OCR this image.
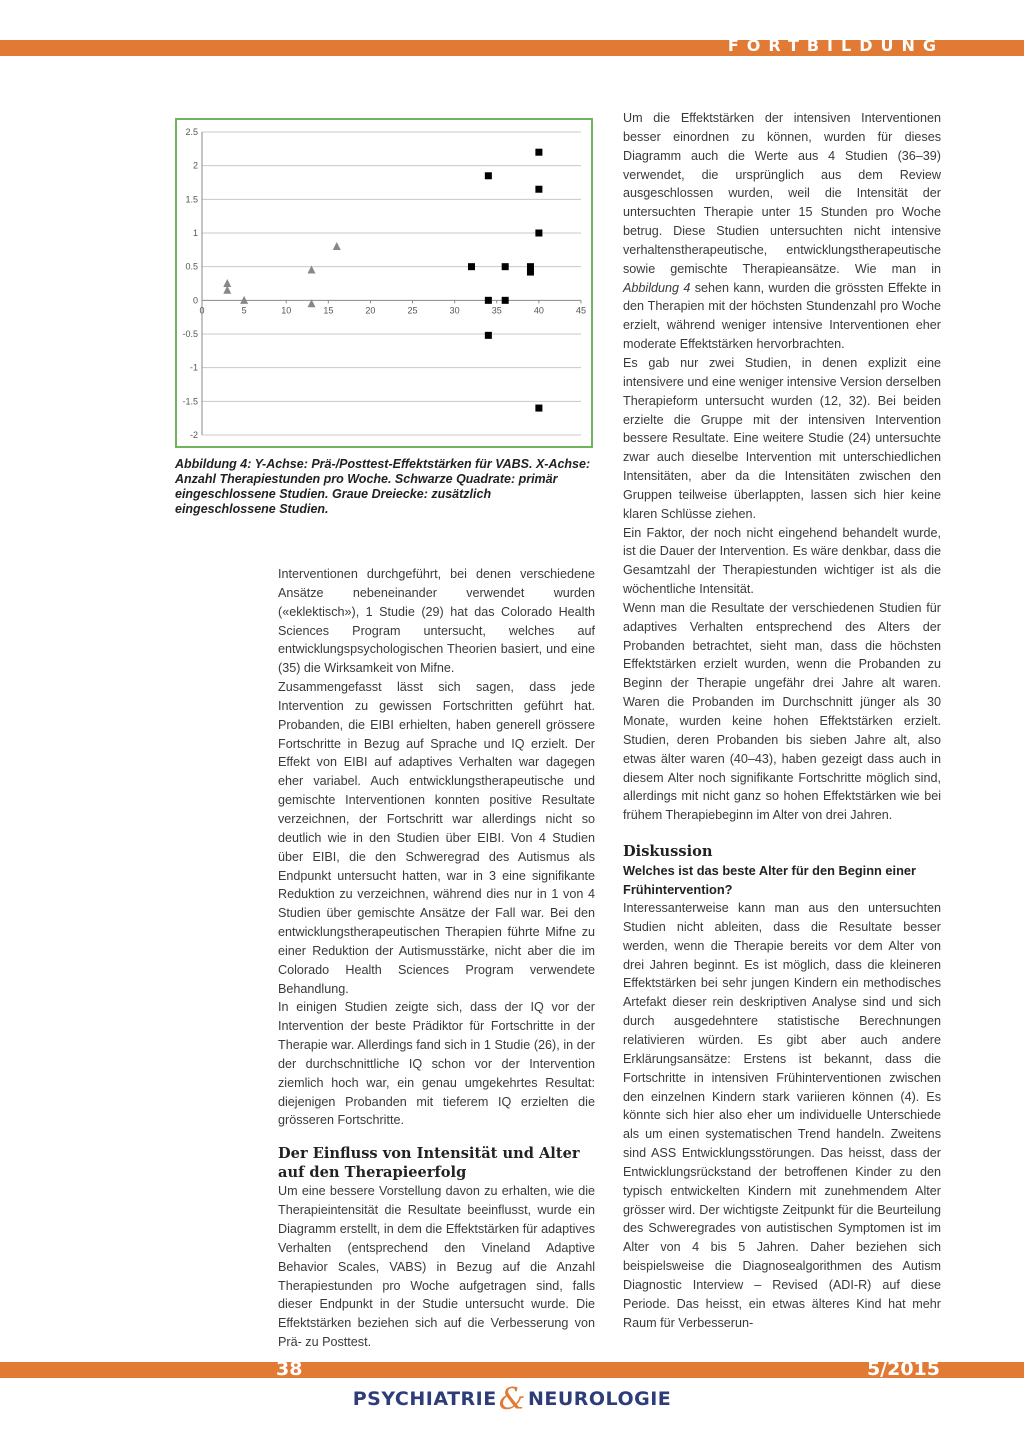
FORTBILDUNG
2.5
2
1.5
1
0.5
0
-0.5
-1
-1.5
-2
0	5	10	15	20	25	30	35	40	45
Abbildung 4: Y-Achse: Prä-/Posttest-Effektstärken für VABS. X-Achse: Anzahl Therapiestunden pro Woche. Schwarze Quadrate: primär eingeschlossene Studien. Graue Dreiecke: zusätzlich eingeschlossene Studien.

Interventionen durchgeführt, bei denen verschiedene Ansätze nebeneinander verwendet wurden («eklektisch»), 1 Studie (29) hat das Colorado Health Sciences Program untersucht, welches auf entwicklungspsychologischen Theorien basiert, und eine (35) die Wirksamkeit von Mifne.

Zusammengefasst lässt sich sagen, dass jede Intervention zu gewissen Fortschritten geführt hat. Probanden, die EIBI erhielten, haben generell grössere Fortschritte in Bezug auf Sprache und IQ erzielt. Der Effekt von EIBI auf adaptives Verhalten war dagegen eher variabel. Auch entwicklungstherapeutische und gemischte Interventionen konnten positive Resultate verzeichnen, der Fortschritt war allerdings nicht so deutlich wie in den Studien über EIBI. Von 4 Studien über EIBI, die den Schweregrad des Autismus als Endpunkt untersucht hatten, war in 3 eine signifikante Reduktion zu verzeichnen, während dies nur in 1 von 4 Studien über gemischte Ansätze der Fall war. Bei den entwicklungstherapeutischen Therapien führte Mifne zu einer Reduktion der Autismusstärke, nicht aber die im Colorado Health Sciences Program verwendete Behandlung.

In einigen Studien zeigte sich, dass der IQ vor der Intervention der beste Prädiktor für Fortschritte in der Therapie war. Allerdings fand sich in 1 Studie (26), in der der durchschnittliche IQ schon vor der Intervention ziemlich hoch war, ein genau umgekehrtes Resultat: diejenigen Probanden mit tieferem IQ erzielten die grösseren Fortschritte.

Der Einfluss von Intensität und Alter auf den Therapieerfolg

Um eine bessere Vorstellung davon zu erhalten, wie die Therapieintensität die Resultate beeinflusst, wurde ein Diagramm erstellt, in dem die Effektstärken für adaptives Verhalten (entsprechend den Vineland Adaptive Behavior Scales, VABS) in Bezug auf die Anzahl Therapiestunden pro Woche aufgetragen sind, falls dieser Endpunkt in der Studie untersucht wurde. Die Effektstärken beziehen sich auf die Verbesserung von Prä- zu Posttest.

Um die Effektstärken der intensiven Interventionen besser einordnen zu können, wurden für dieses Diagramm auch die Werte aus 4 Studien (36–39) verwendet, die ursprünglich aus dem Review ausgeschlossen wurden, weil die Intensität der untersuchten Therapie unter 15 Stunden pro Woche betrug. Diese Studien untersuchten nicht intensive verhaltenstherapeutische, entwicklungstherapeutische sowie gemischte Therapieansätze. Wie man in Abbildung 4 sehen kann, wurden die grössten Effekte in den Therapien mit der höchsten Stundenzahl pro Woche erzielt, während weniger intensive Interventionen eher moderate Effektstärken hervorbrachten.

Es gab nur zwei Studien, in denen explizit eine intensivere und eine weniger intensive Version derselben Therapieform untersucht wurden (12, 32). Bei beiden erzielte die Gruppe mit der intensiven Intervention bessere Resultate. Eine weitere Studie (24) untersuchte zwar auch dieselbe Intervention mit unterschiedlichen Intensitäten, aber da die Intensitäten zwischen den Gruppen teilweise überlappten, lassen sich hier keine klaren Schlüsse ziehen.

Ein Faktor, der noch nicht eingehend behandelt wurde, ist die Dauer der Intervention. Es wäre denkbar, dass die Gesamtzahl der Therapiestunden wichtiger ist als die wöchentliche Intensität.

Wenn man die Resultate der verschiedenen Studien für adaptives Verhalten entsprechend des Alters der Probanden betrachtet, sieht man, dass die höchsten Effektstärken erzielt wurden, wenn die Probanden zu Beginn der Therapie ungefähr drei Jahre alt waren. Waren die Probanden im Durchschnitt jünger als 30 Monate, wurden keine hohen Effektstärken erzielt. Studien, deren Probanden bis sieben Jahre alt, also etwas älter waren (40–43), haben gezeigt dass auch in diesem Alter noch signifikante Fortschritte möglich sind, allerdings mit nicht ganz so hohen Effektstärken wie bei frühem Therapiebeginn im Alter von drei Jahren.

Diskussion
Welches ist das beste Alter für den Beginn einer Frühintervention?

Interessanterweise kann man aus den untersuchten Studien nicht ableiten, dass die Resultate besser werden, wenn die Therapie bereits vor dem Alter von drei Jahren beginnt. Es ist möglich, dass die kleineren Effektstärken bei sehr jungen Kindern ein methodisches Artefakt dieser rein deskriptiven Analyse sind und sich durch ausgedehntere statistische Berechnungen relativieren würden. Es gibt aber auch andere Erklärungsansätze: Erstens ist bekannt, dass die Fortschritte in intensiven Frühinterventionen zwischen den einzelnen Kindern stark variieren können (4). Es könnte sich hier also eher um individuelle Unterschiede als um einen systematischen Trend handeln. Zweitens sind ASS Entwicklungsstörungen. Das heisst, dass der Entwicklungsrückstand der betroffenen Kinder zu den typisch entwickelten Kindern mit zunehmendem Alter grösser wird. Der wichtigste Zeitpunkt für die Beurteilung des Schweregrades von autistischen Symptomen ist im Alter von 4 bis 5 Jahren. Daher beziehen sich beispielsweise die Diagnosealgorithmen des Autism Diagnostic Interview – Revised (ADI-R) auf diese Periode. Das heisst, ein etwas älteres Kind hat mehr Raum für Verbesserun-

38	5/2015
PSYCHIATRIE& NEUROLOGIE
